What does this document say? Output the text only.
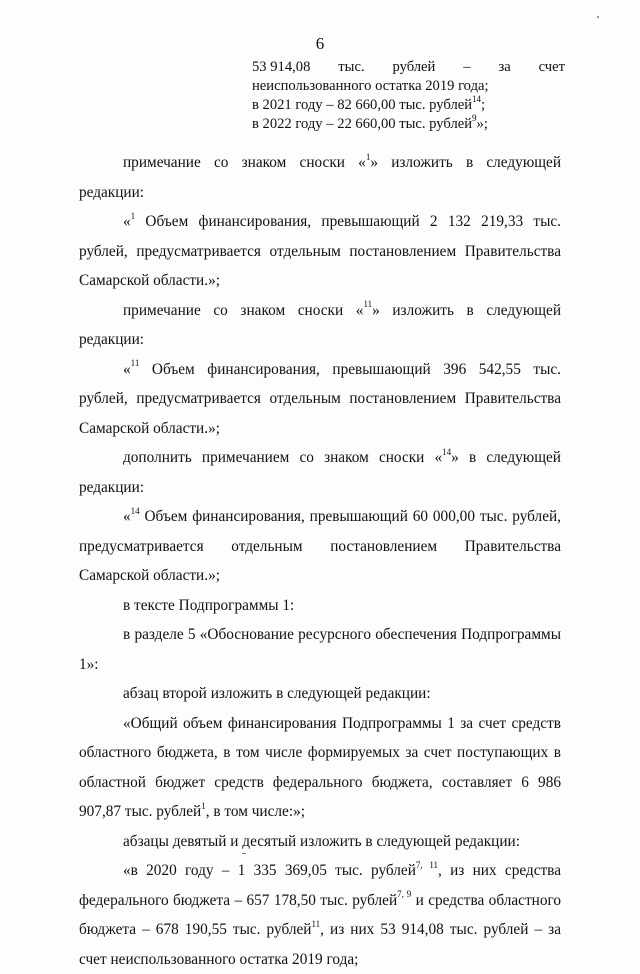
6
53 914,08 тыс. рублей – за счет
неиспользованного остатка 2019 года;
в 2021 году – 82 660,00 тыс. рублей$^{14}$;
в 2022 году – 22 660,00 тыс. рублей$^9$»;

примечание со знаком сноски «$^1$» изложить в следующей редакции:

«$^1$ Объем финансирования, превышающий 2 132 219,33 тыс. рублей, предусматривается отдельным постановлением Правительства Самарской области.»;

примечание со знаком сноски «$^{11}$» изложить в следующей редакции:

«$^{11}$ Объем финансирования, превышающий 396 542,55 тыс. рублей, предусматривается отдельным постановлением Правительства Самарской области.»;

дополнить примечанием со знаком сноски «$^{14}$» в следующей редакции:

«$^{14}$ Объем финансирования, превышающий 60 000,00 тыс. рублей, предусматривается отдельным постановлением Правительства Самарской области.»;

в тексте Подпрограммы 1:

в разделе 5 «Обоснование ресурсного обеспечения Подпрограммы 1»:

абзац второй изложить в следующей редакции:

«Общий объем финансирования Подпрограммы 1 за счет средств областного бюджета, в том числе формируемых за счет поступающих в областной бюджет средств федерального бюджета, составляет 6 986 907,87 тыс. рублей$^1$, в том числе:»;

абзацы девятый и десятый изложить в следующей редакции:

«в 2020 году – 1 335 369,05 тыс. рублей$^{7, 11}$, из них средства федерального бюджета – 657 178,50 тыс. рублей$^{7, 9}$ и средства областного бюджета – 678 190,55 тыс. рублей$^{11}$, из них 53 914,08 тыс. рублей – за счет неиспользованного остатка 2019 года;
